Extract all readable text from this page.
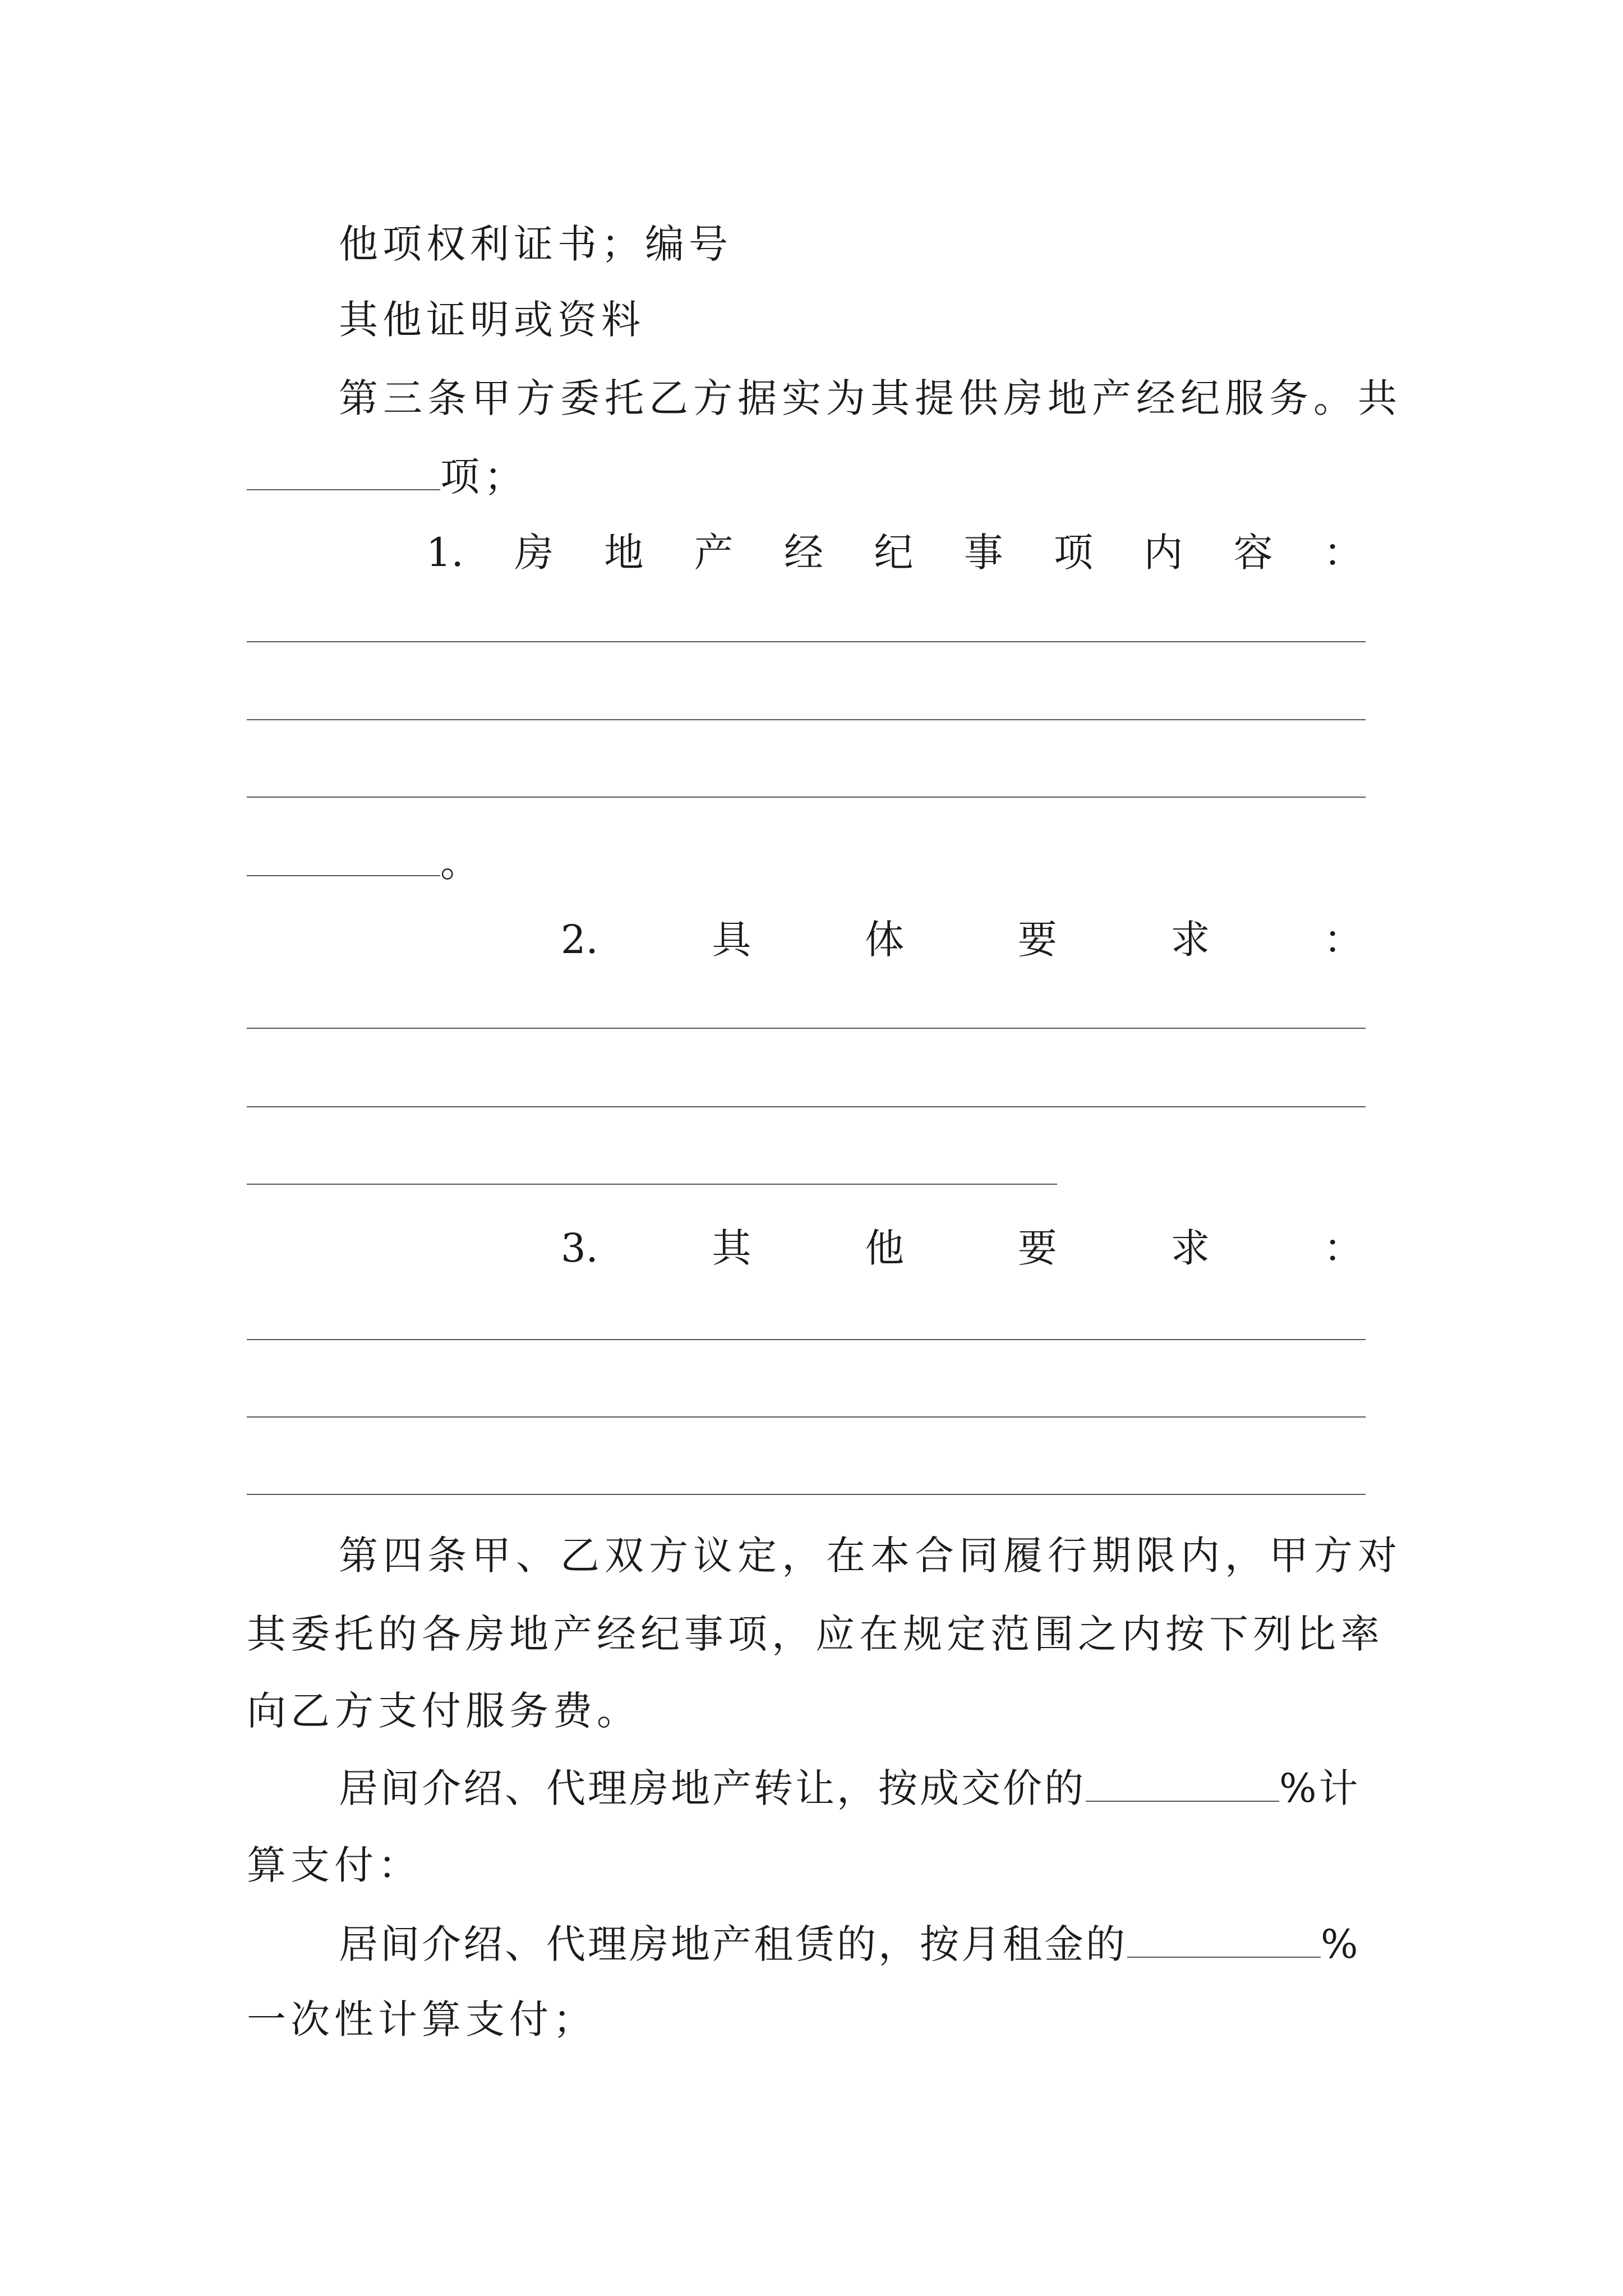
他项权利证书；编号
其他证明或资料
第三条甲方委托乙方据实为其提供房地产经纪服务。共
项；
1. 房 地 产 经 纪 事 项 内 容 ：
。
2.	具	体	要	求	：
3.	其	他	要	求	：
第四条甲、乙双方议定，在本合同履行期限内，甲方对
其委托的各房地产经纪事项，应在规定范围之内按下列比率
向乙方支付服务费。
居间介绍、代理房地产转让，按成交价的	%计
算支付：
居间介绍、代理房地产租赁的，按月租金的	%
一次性计算支付；
